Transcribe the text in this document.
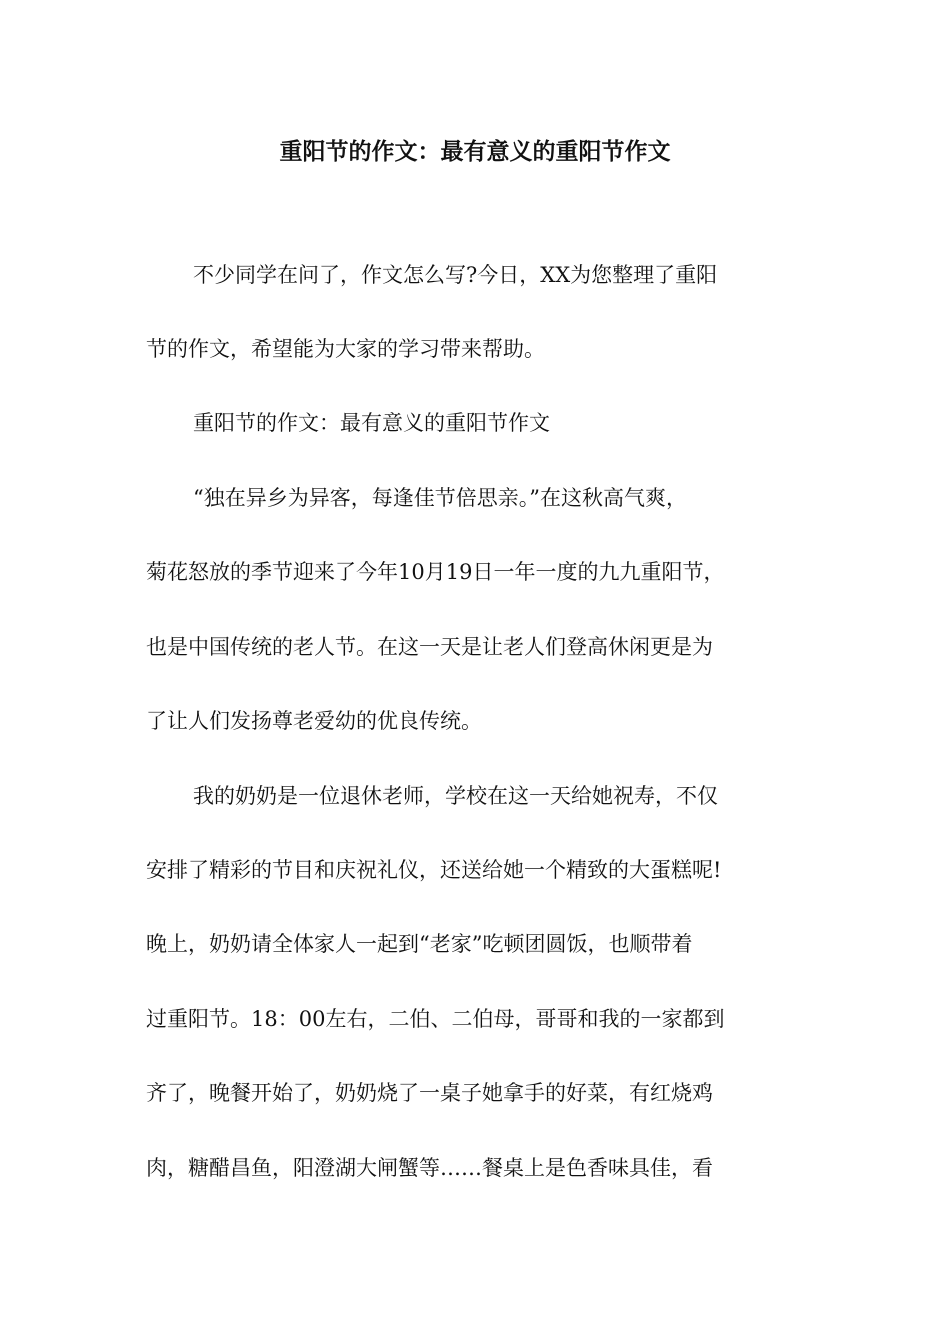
重阳节的作文：最有意义的重阳节作文

不少同学在问了，作文怎么写?今日，XX为您整理了重阳

节的作文，希望能为大家的学习带来帮助。

重阳节的作文：最有意义的重阳节作文

“独在异乡为异客，每逢佳节倍思亲。”在这秋高气爽，

菊花怒放的季节迎来了今年10月19日一年一度的九九重阳节，

也是中国传统的老人节。在这一天是让老人们登高休闲更是为

了让人们发扬尊老爱幼的优良传统。

我的奶奶是一位退休老师，学校在这一天给她祝寿，不仅

安排了精彩的节目和庆祝礼仪，还送给她一个精致的大蛋糕呢!

晚上，奶奶请全体家人一起到“老家”吃顿团圆饭，也顺带着

过重阳节。18：00左右，二伯、二伯母，哥哥和我的一家都到

齐了，晚餐开始了，奶奶烧了一桌子她拿手的好菜，有红烧鸡

肉，糖醋昌鱼，阳澄湖大闸蟹等……餐桌上是色香味具佳，看
